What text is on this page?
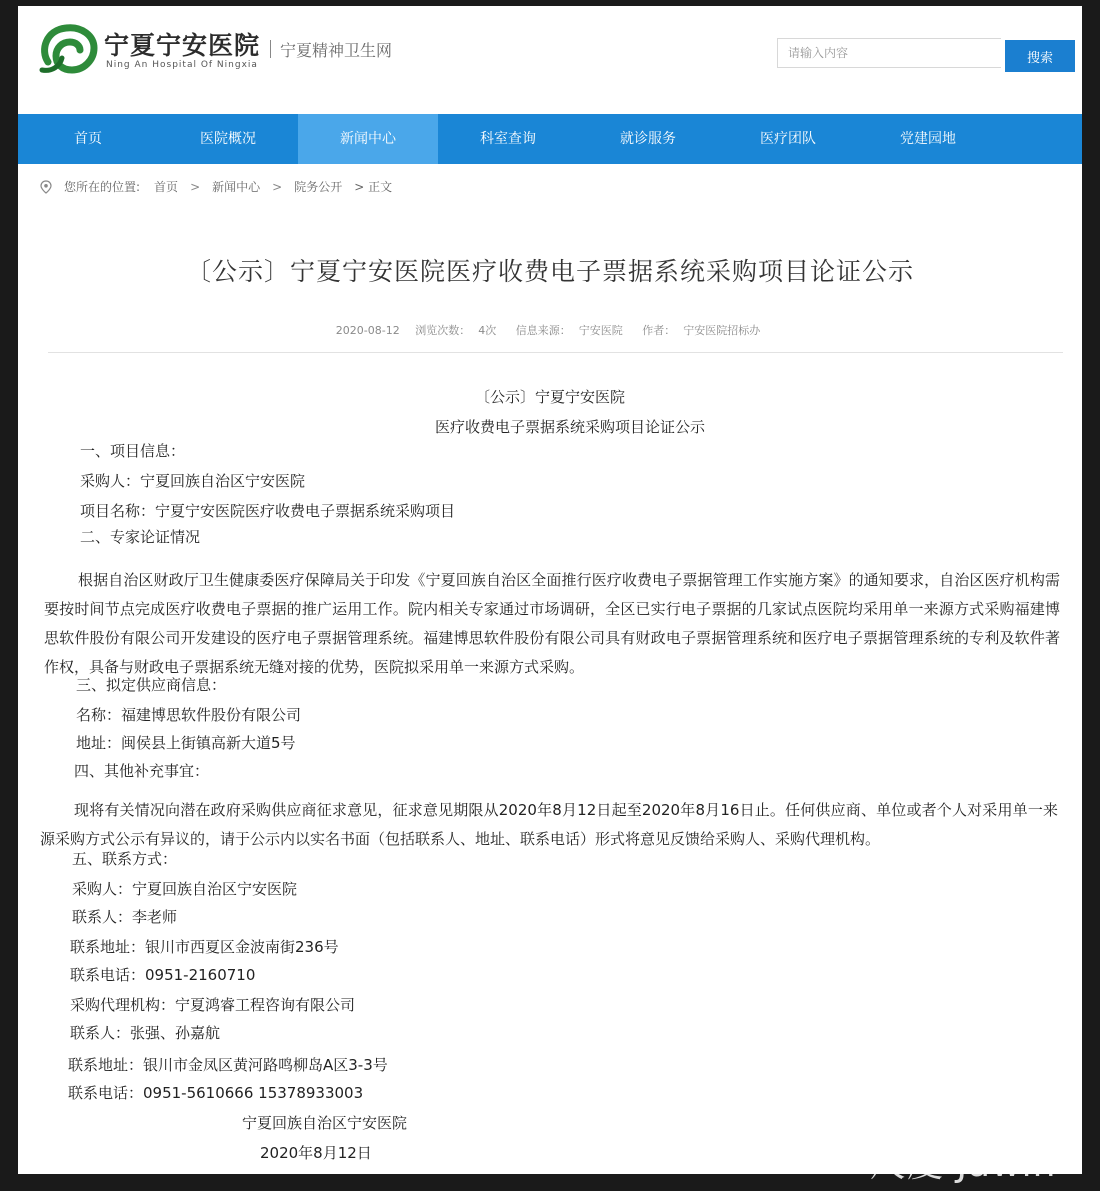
宁夏宁安医院
Ning An Hospital Of Ningxia
宁夏精神卫生网
请输入内容	搜索
首页	医院概况	新闻中心	科室查询	就诊服务	医疗团队	党建园地
您所在的位置: 首页 > 新闻中心 > 院务公开 > 正文
〔公示〕宁夏宁安医院医疗收费电子票据系统采购项目论证公示
2020-08-12 浏览次数： 4次 信息来源： 宁安医院 作者： 宁安医院招标办
〔公示〕宁夏宁安医院
医疗收费电子票据系统采购项目论证公示
一、项目信息：
采购人：宁夏回族自治区宁安医院
项目名称：宁夏宁安医院医疗收费电子票据系统采购项目
二、专家论证情况
根据自治区财政厅卫生健康委医疗保障局关于印发《宁夏回族自治区全面推行医疗收费电子票据管理工作实施方案》的通知要求，自治区医疗机构需要按时间节点完成医疗收费电子票据的推广运用工作。院内相关专家通过市场调研，全区已实行电子票据的几家试点医院均采用单一来源方式采购福建博思软件股份有限公司开发建设的医疗电子票据管理系统。福建博思软件股份有限公司具有财政电子票据管理系统和医疗电子票据管理系统的专利及软件著作权，具备与财政电子票据系统无缝对接的优势，医院拟采用单一来源方式采购。
三、拟定供应商信息：
名称：福建博思软件股份有限公司
地址：闽侯县上街镇高新大道5号
四、其他补充事宜：
现将有关情况向潜在政府采购供应商征求意见，征求意见期限从2020年8月12日起至2020年8月16日止。任何供应商、单位或者个人对采用单一来源采购方式公示有异议的，请于公示内以实名书面（包括联系人、地址、联系电话）形式将意见反馈给采购人、采购代理机构。
五、联系方式：
采购人：宁夏回族自治区宁安医院
联系人：李老师
联系地址：银川市西夏区金波南街236号
联系电话：0951-2160710
采购代理机构：宁夏鸿睿工程咨询有限公司
联系人：张强、孙嘉航
联系地址：银川市金凤区黄河路鸣柳岛A区3-3号
联系电话：0951-5610666 15378933003
宁夏回族自治区宁安医院
2020年8月12日	尺度·Jawin
